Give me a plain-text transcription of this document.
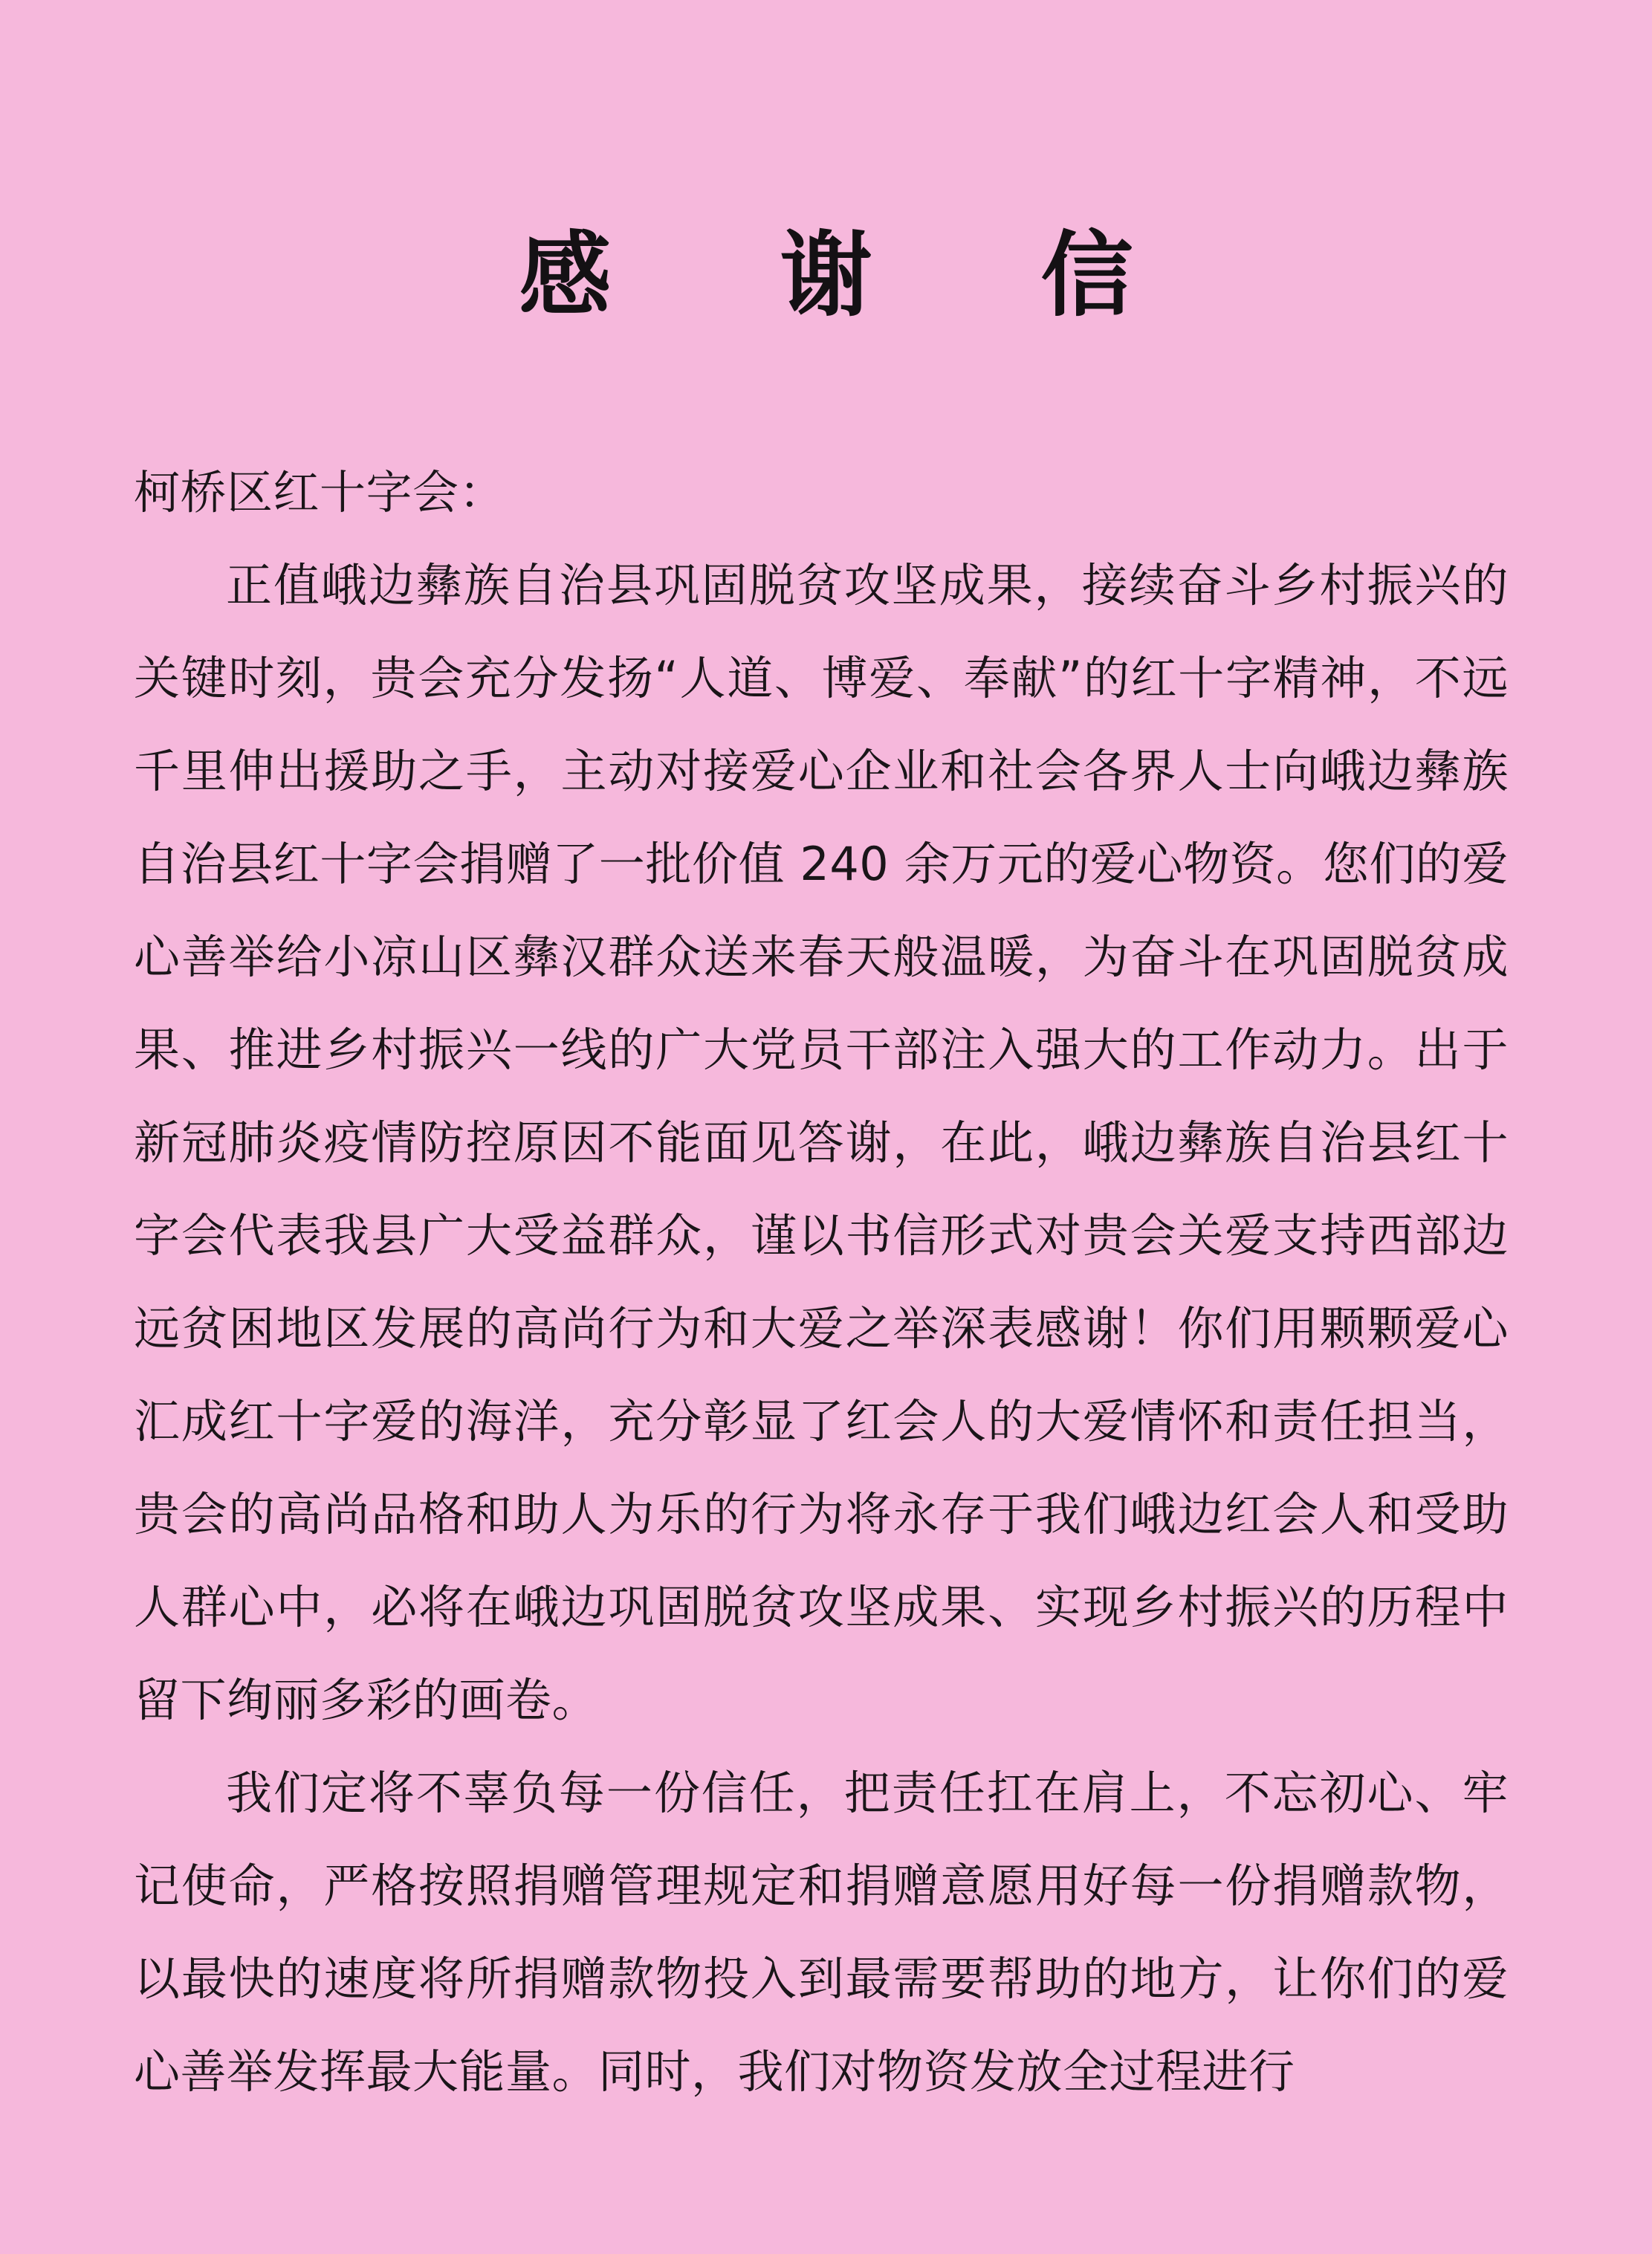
感 谢 信

柯桥区红十字会：

正值峨边彝族自治县巩固脱贫攻坚成果，接续奋斗乡村振兴的关键时刻，贵会充分发扬“人道、博爱、奉献”的红十字精神，不远千里伸出援助之手，主动对接爱心企业和社会各界人士向峨边彝族自治县红十字会捐赠了一批价值 240 余万元的爱心物资。您们的爱心善举给小凉山区彝汉群众送来春天般温暖，为奋斗在巩固脱贫成果、推进乡村振兴一线的广大党员干部注入强大的工作动力。出于新冠肺炎疫情防控原因不能面见答谢，在此，峨边彝族自治县红十字会代表我县广大受益群众，谨以书信形式对贵会关爱支持西部边远贫困地区发展的高尚行为和大爱之举深表感谢！你们用颗颗爱心汇成红十字爱的海洋，充分彰显了红会人的大爱情怀和责任担当，贵会的高尚品格和助人为乐的行为将永存于我们峨边红会人和受助人群心中，必将在峨边巩固脱贫攻坚成果、实现乡村振兴的历程中留下绚丽多彩的画卷。

我们定将不辜负每一份信任，把责任扛在肩上，不忘初心、牢记使命，严格按照捐赠管理规定和捐赠意愿用好每一份捐赠款物，以最快的速度将所捐赠款物投入到最需要帮助的地方，让你们的爱心善举发挥最大能量。同时，我们对物资发放全过程进行
